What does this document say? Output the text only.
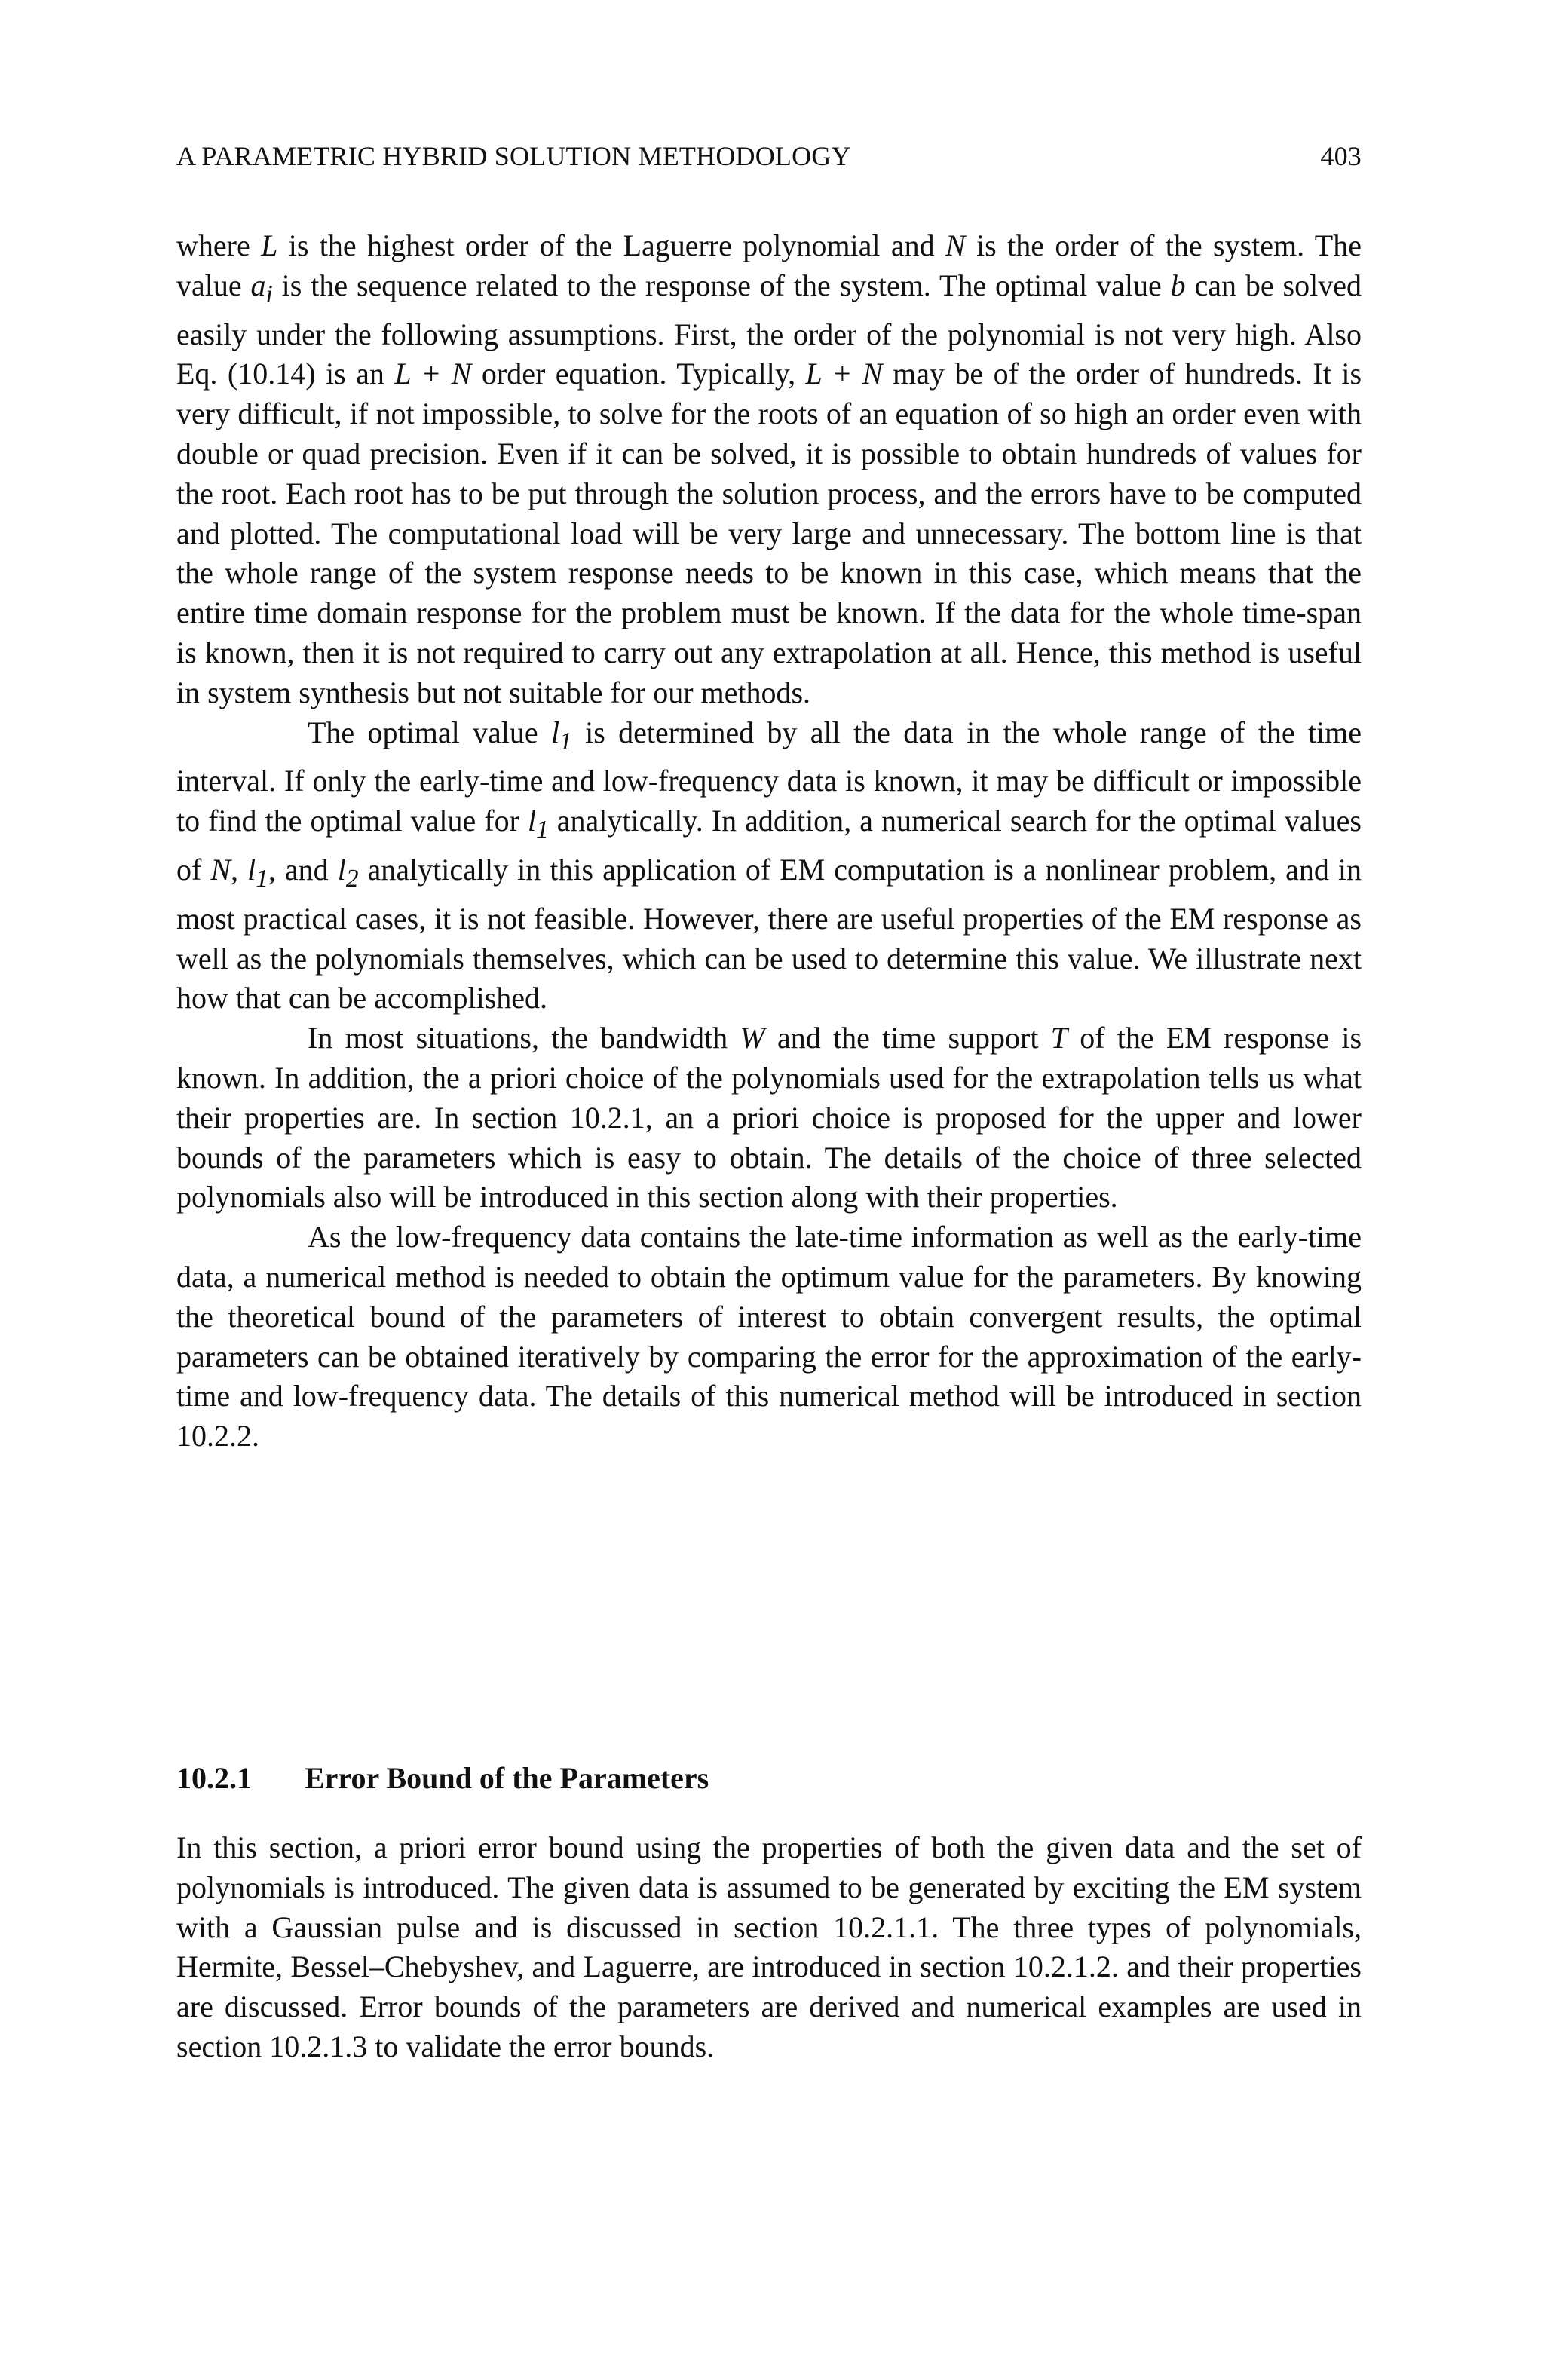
A PARAMETRIC HYBRID SOLUTION METHODOLOGY	403

where L is the highest order of the Laguerre polynomial and N is the order of the system. The value $a_i$ is the sequence related to the response of the system. The optimal value b can be solved easily under the following assumptions. First, the order of the polynomial is not very high. Also Eq. (10.14) is an L + N order equation. Typically, L + N may be of the order of hundreds. It is very difficult, if not impossible, to solve for the roots of an equation of so high an order even with double or quad precision. Even if it can be solved, it is possible to obtain hundreds of values for the root. Each root has to be put through the solution process, and the errors have to be computed and plotted. The computational load will be very large and unnecessary. The bottom line is that the whole range of the system response needs to be known in this case, which means that the entire time domain response for the problem must be known. If the data for the whole time-span is known, then it is not required to carry out any extrapolation at all. Hence, this method is useful in system synthesis but not suitable for our methods.

The optimal value $l_1$ is determined by all the data in the whole range of the time interval. If only the early-time and low-frequency data is known, it may be difficult or impossible to find the optimal value for $l_1$ analytically. In addition, a numerical search for the optimal values of N, $l_1$, and $l_2$ analytically in this application of EM computation is a nonlinear problem, and in most practical cases, it is not feasible. However, there are useful properties of the EM response as well as the polynomials themselves, which can be used to determine this value. We illustrate next how that can be accomplished.

In most situations, the bandwidth W and the time support T of the EM response is known. In addition, the a priori choice of the polynomials used for the extrapolation tells us what their properties are. In section 10.2.1, an a priori choice is proposed for the upper and lower bounds of the parameters which is easy to obtain. The details of the choice of three selected polynomials also will be introduced in this section along with their properties.

As the low-frequency data contains the late-time information as well as the early-time data, a numerical method is needed to obtain the optimum value for the parameters. By knowing the theoretical bound of the parameters of interest to obtain convergent results, the optimal parameters can be obtained iteratively by comparing the error for the approximation of the early-time and low-frequency data. The details of this numerical method will be introduced in section 10.2.2.

10.2.1 Error Bound of the Parameters

In this section, a priori error bound using the properties of both the given data and the set of polynomials is introduced. The given data is assumed to be generated by exciting the EM system with a Gaussian pulse and is discussed in section 10.2.1.1. The three types of polynomials, Hermite, Bessel–Chebyshev, and Laguerre, are introduced in section 10.2.1.2. and their properties are discussed. Error bounds of the parameters are derived and numerical examples are used in section 10.2.1.3 to validate the error bounds.
